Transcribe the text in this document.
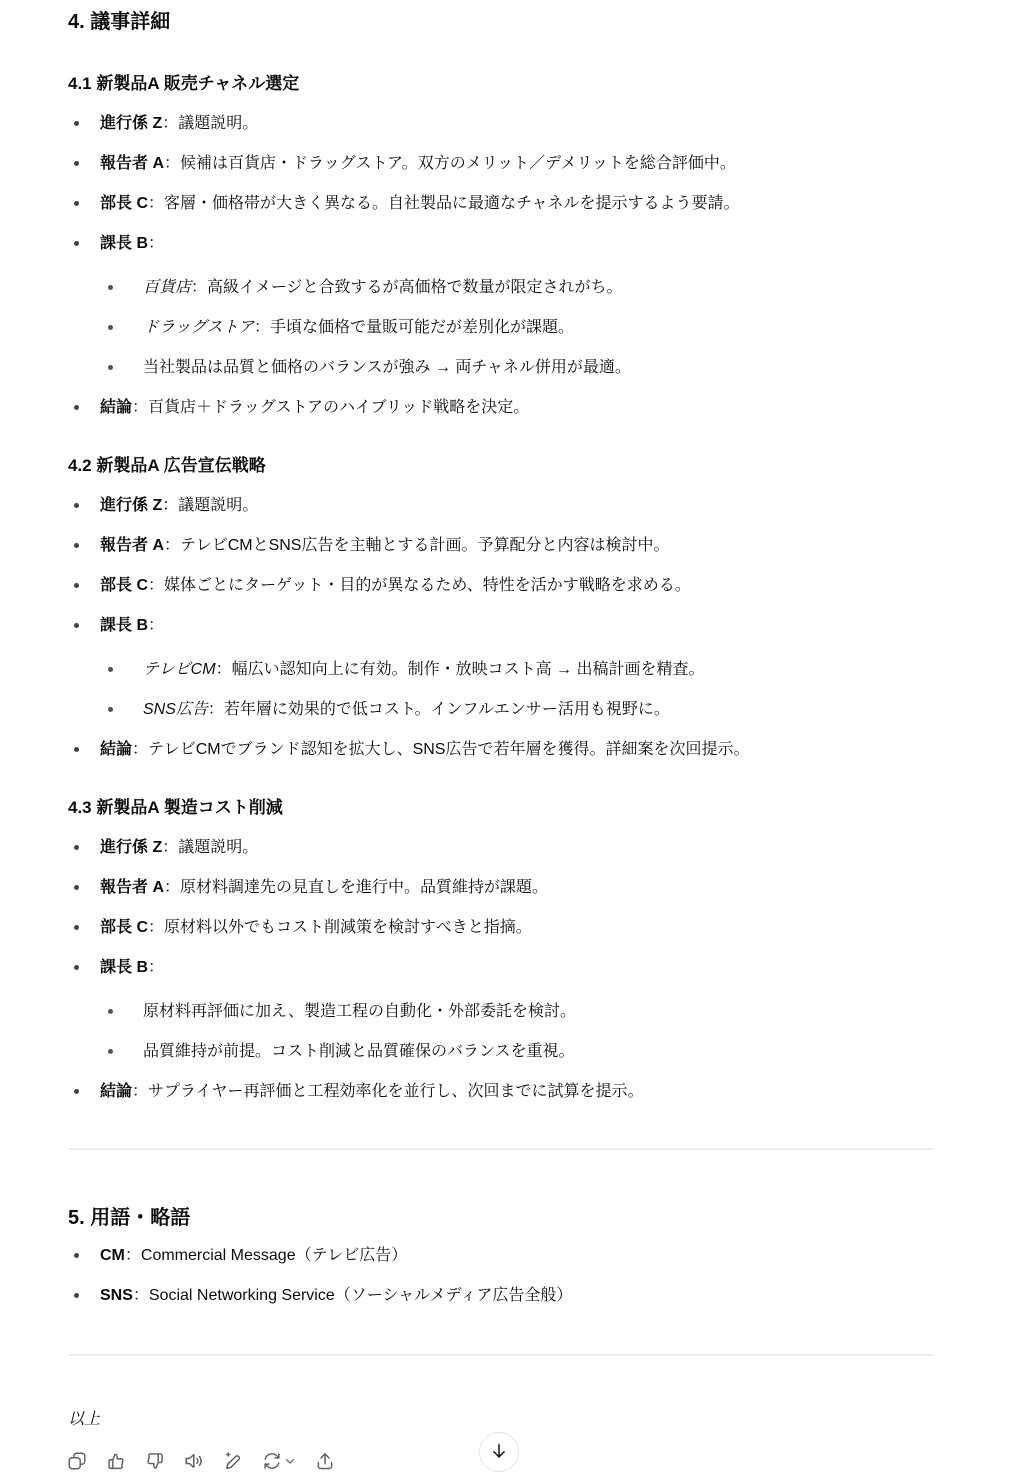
4. 議事詳細
4.1 新製品A 販売チャネル選定
進行係 Z：議題説明。
報告者 A：候補は百貨店・ドラッグストア。双方のメリット／デメリットを総合評価中。
部長 C：客層・価格帯が大きく異なる。自社製品に最適なチャネルを提示するよう要請。
課長 B：
百貨店：高級イメージと合致するが高価格で数量が限定されがち。
ドラッグストア：手頃な価格で量販可能だが差別化が課題。
当社製品は品質と価格のバランスが強み → 両チャネル併用が最適。
結論：百貨店＋ドラッグストアのハイブリッド戦略を決定。
4.2 新製品A 広告宣伝戦略
進行係 Z：議題説明。
報告者 A：テレビCMとSNS広告を主軸とする計画。予算配分と内容は検討中。
部長 C：媒体ごとにターゲット・目的が異なるため、特性を活かす戦略を求める。
課長 B：
テレビCM：幅広い認知向上に有効。制作・放映コスト高 → 出稿計画を精査。
SNS広告：若年層に効果的で低コスト。インフルエンサー活用も視野に。
結論：テレビCMでブランド認知を拡大し、SNS広告で若年層を獲得。詳細案を次回提示。
4.3 新製品A 製造コスト削減
進行係 Z：議題説明。
報告者 A：原材料調達先の見直しを進行中。品質維持が課題。
部長 C：原材料以外でもコスト削減策を検討すべきと指摘。
課長 B：
原材料再評価に加え、製造工程の自動化・外部委託を検討。
品質維持が前提。コスト削減と品質確保のバランスを重視。
結論：サプライヤー再評価と工程効率化を並行し、次回までに試算を提示。
5. 用語・略語
CM：Commercial Message（テレビ広告）
SNS：Social Networking Service（ソーシャルメディア広告全般）
以上
